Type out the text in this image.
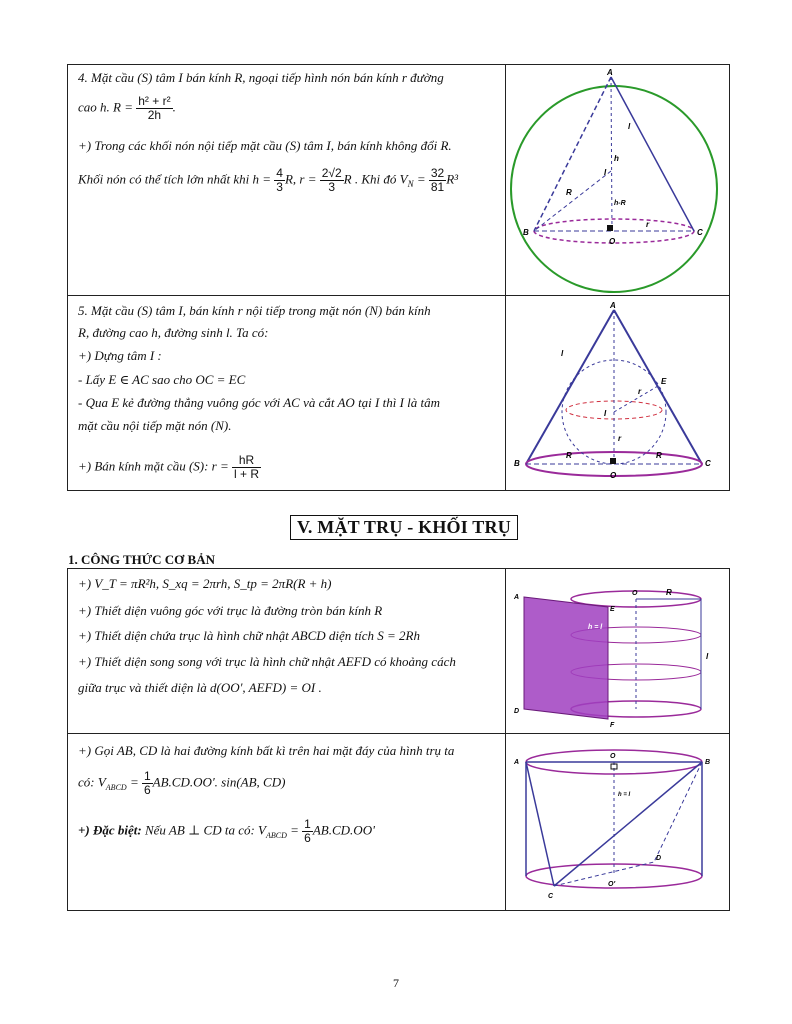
4. Mặt cầu (S) tâm I bán kính R, ngoại tiếp hình nón bán kính r đường
cao h. $R = \frac{\text{h² + r²}}{2h}$ .
+) Trong các khối nón nội tiếp mặt cầu (S) tâm I, bán kính không đổi R.
Khối nón có thể tích lớn nhất khi $h = \frac{4}{3} R$, $r = \frac{2√2}{3}$ R . Khi đó $V_N = \frac{32}{81} R^3$
A
B	C
O
I
R
l
h
h-R
r
5. Mặt cầu (S) tâm I, bán kính r nội tiếp trong mặt nón (N) bán kính
R, đường cao h, đường sinh l. Ta có:
+) Dựng tâm I :
- Lấy E ∈ AC sao cho OC = EC
- Qua E kẻ đường thẳng vuông góc với AC và cắt AO tại I thì I là tâm
mặt cầu nội tiếp mặt nón (N).
+) Bán kính mặt cầu (S): $r = \frac{hR}{l + R}$
A
B	C
O
I
E
l
R	R
r
r
V. MẶT TRỤ - KHỐI TRỤ
1. CÔNG THỨC CƠ BẢN
+) V_T = πR²h, S_xq = 2πrh, S_tp = 2πR(R + h)
+) Thiết diện vuông góc với trục là đường tròn bán kính R
+) Thiết diện chứa trục là hình chữ nhật ABCD diện tích S = 2Rh
+) Thiết diện song song với trục là hình chữ nhật AEFD có khoảng cách
giữa trục và thiết diện là d(OO', AEFD) = OI .
A
D
E
F
O	R
l
h = l
+) Gọi AB, CD là hai đường kính bất kì trên hai mặt đáy của hình trụ ta
có: $V_{ABCD} = \frac{1}{6} AB.CD.OO'$. sin(AB, CD)
+) Đặc biệt: Nếu AB ⊥ CD ta có: $V_{ABCD} = \frac{1}{6} AB.CD.OO'$
A	B
C
D
O
O'
h = l
7
